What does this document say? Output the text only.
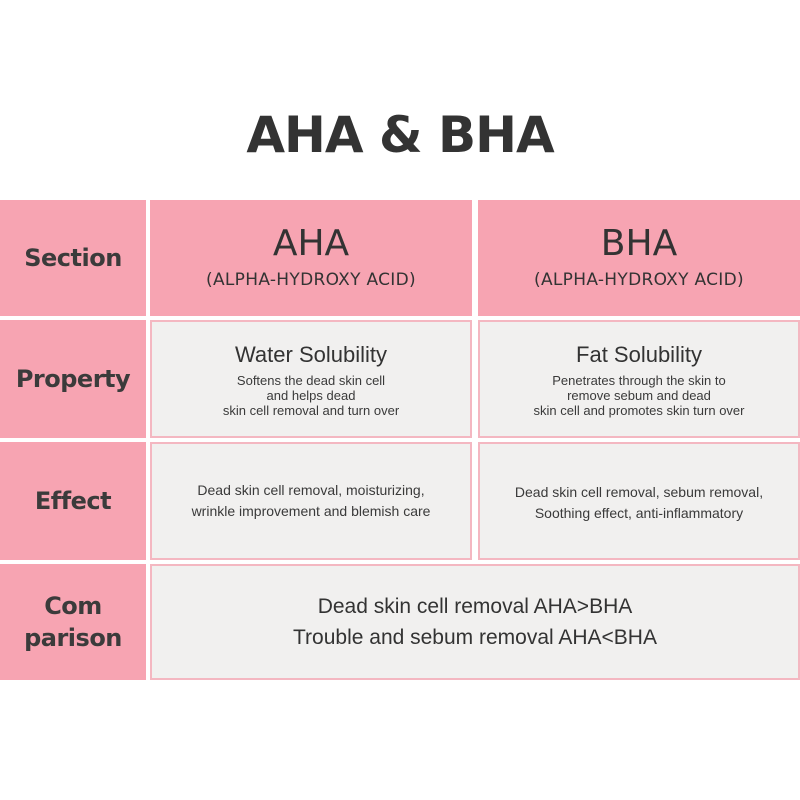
AHA & BHA
Section	AHA
(ALPHA-HYDROXY ACID)
BHA
(ALPHA-HYDROXY ACID)
Property
Water Solubility
Softens the dead skin cell
and helps dead
skin cell removal and turn over
Fat Solubility
Penetrates through the skin to
remove sebum and dead
skin cell and promotes skin turn over
Effect	Dead skin cell removal, moisturizing,
wrinkle improvement and blemish care
Dead skin cell removal, sebum removal,
Soothing effect, anti-inflammatory
Com
parison
Dead skin cell removal AHA>BHA
Trouble and sebum removal AHA<BHA
